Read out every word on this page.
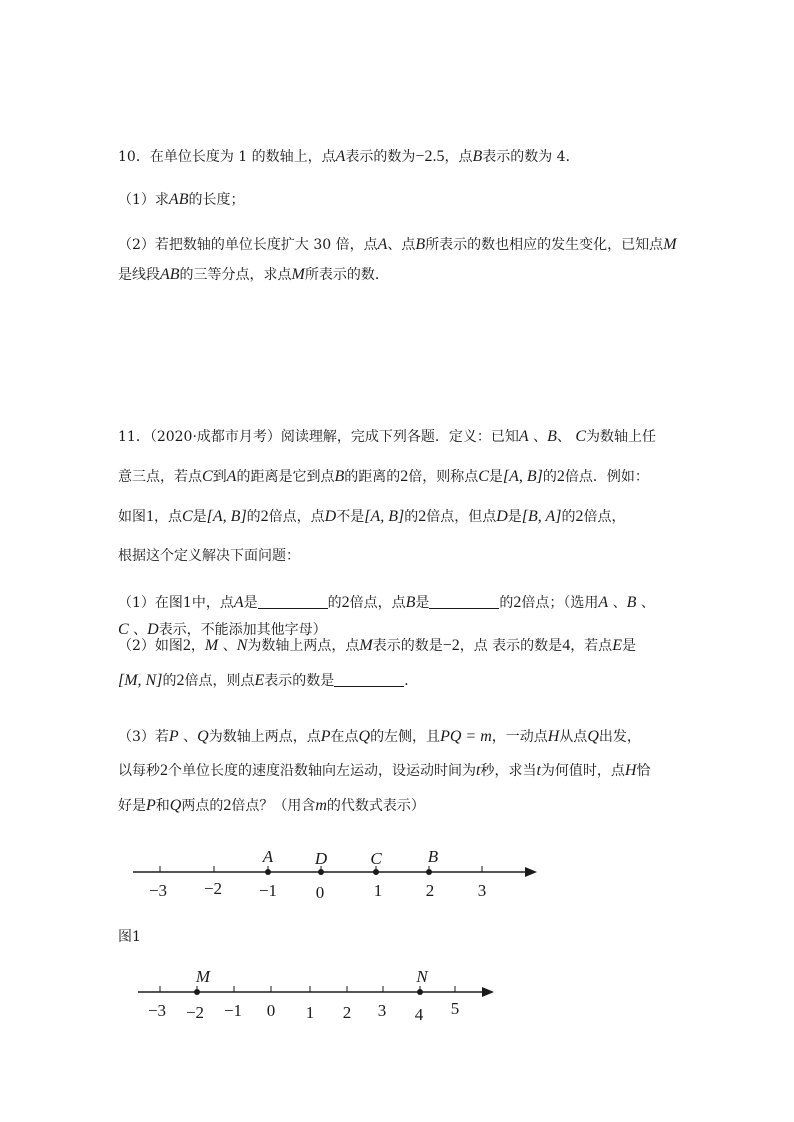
10．在单位长度为 1 的数轴上，点A表示的数为−2.5，点B表示的数为 4．
（1）求AB的长度；
（2）若把数轴的单位长度扩大 30 倍，点A、点B所表示的数也相应的发生变化，已知点M
是线段AB的三等分点，求点M所表示的数．
11．（2020·成都市月考）阅读理解，完成下列各题．定义：已知A 、B、 C为数轴上任
意三点，若点C到A的距离是它到点B的距离的2倍，则称点C是[A, B]的2倍点．例如：
如图1，点C是[A, B]的2倍点，点D不是[A, B]的2倍点，但点D是[B, A]的2倍点，
根据这个定义解决下面问题：
（1）在图1中，点A是	的2倍点，点B是	的2倍点；（选用A 、B 、
C 、D表示，不能添加其他字母）
（2）如图2，M 、N为数轴上两点，点M表示的数是−2，点 表示的数是4，若点E是
[M, N]的2倍点，则点E表示的数是	．
（3）若P 、Q为数轴上两点，点P在点Q的左侧，且PQ = m，一动点H从点Q出发，
以每秒2个单位长度的速度沿数轴向左运动，设运动时间为t秒，求当t为何值时，点H恰
好是P和Q两点的2倍点？（用含m的代数式表示）
−3 −2 −1 0	1	2	3
A D	C	B
−3 −2 −1 0 1 2 3 4 5
M	N
图1
